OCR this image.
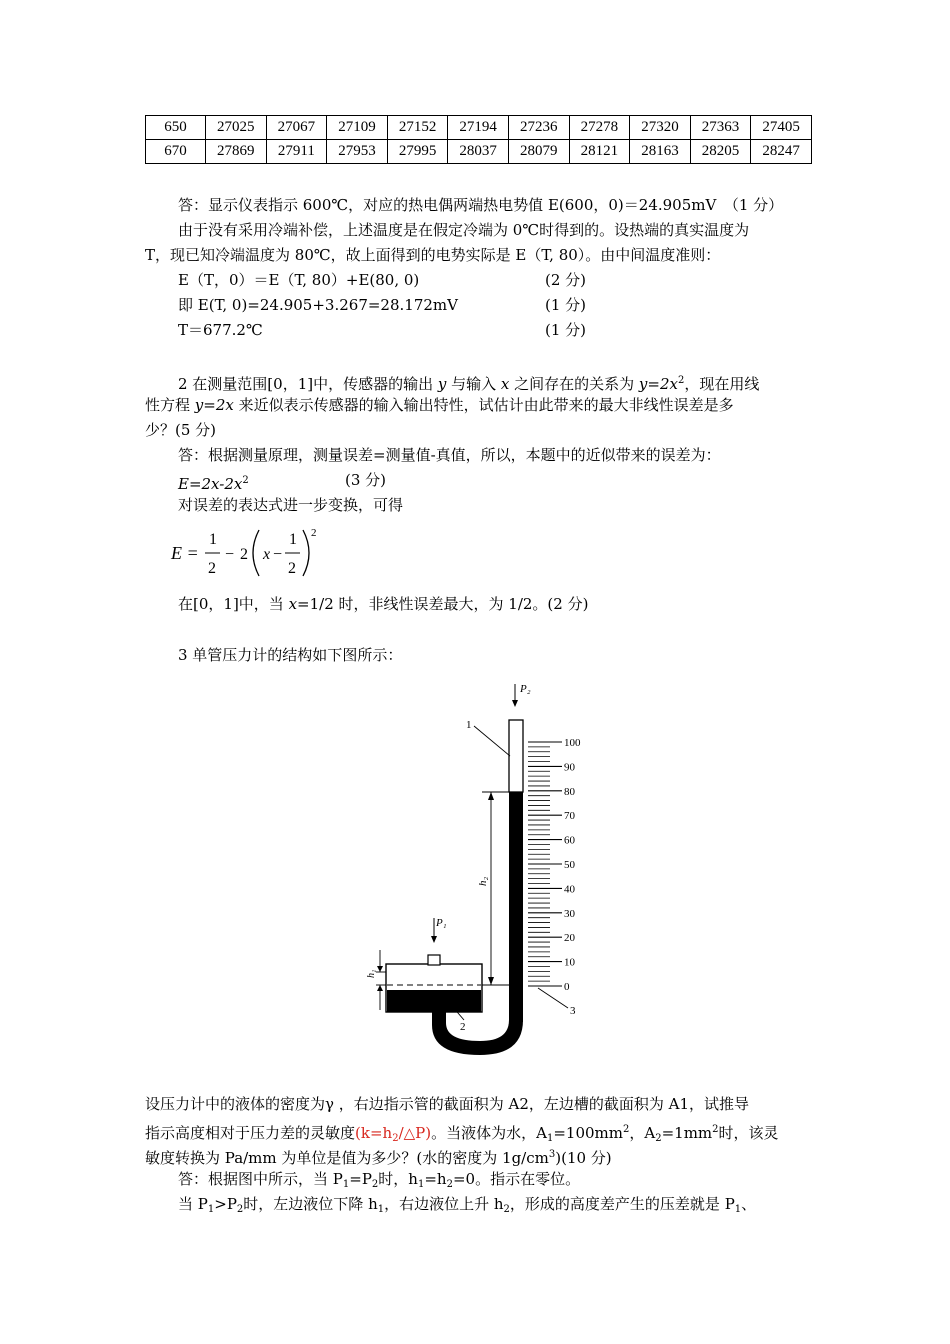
650	27025	27067	27109	27152	27194	27236	27278	27320	27363	27405
670	27869	27911	27953	27995	28037	28079	28121	28163	28205	28247
答：显示仪表指示 600℃，对应的热电偶两端热电势值 E(600，0)＝24.905mV　（1 分）
由于没有采用冷端补偿，上述温度是在假定冷端为 0℃时得到的。设热端的真实温度为
T，现已知冷端温度为 80℃，故上面得到的电势实际是 E（T, 80）。由中间温度准则：
E（T，0）＝E（T, 80）+E(80, 0)	(2 分)
即 E(T, 0)=24.905+3.267=28.172mV	(1 分)
T＝677.2℃	(1 分)
2 在测量范围[0，1]中，传感器的输出 y 与输入 x 之间存在的关系为 $y=2x^2$，现在用线
性方程 y=2x 来近似表示传感器的输入输出特性，试估计由此带来的最大非线性误差是多
少？(5 分)
答：根据测量原理，测量误差=测量值-真值，所以，本题中的近似带来的误差为：
$E=2x-2x^2$	(3 分)
对误差的表达式进一步变换，可得
E =
1
2
− 2 x −
1
2
2
在[0，1]中，当 x=1/2 时，非线性误差最大，为 1/2。(2 分)
3 单管压力计的结构如下图所示：
P₂
1
P₁
h₂
h₁
2
100
90
80
70
60
50
40
30
20
10
0
3
设压力计中的液体的密度为γ ，右边指示管的截面积为 A2，左边槽的截面积为 A1，试推导
指示高度相对于压力差的灵敏度$(k=h_2/\triangle P)$。当液体为水，$A_1=100mm^2$，$A_2=1mm^2$时，该灵
敏度转换为 Pa/mm 为单位是值为多少？(水的密度为 $1g/cm^3)(10$ 分)
答：根据图中所示，当 $P_1=P_2$时，$h_1=h_2=0$。指示在零位。
当 $P_1>P_2$时，左边液位下降 $h_1$，右边液位上升 $h_2$，形成的高度差产生的压差就是 $P_1$、
